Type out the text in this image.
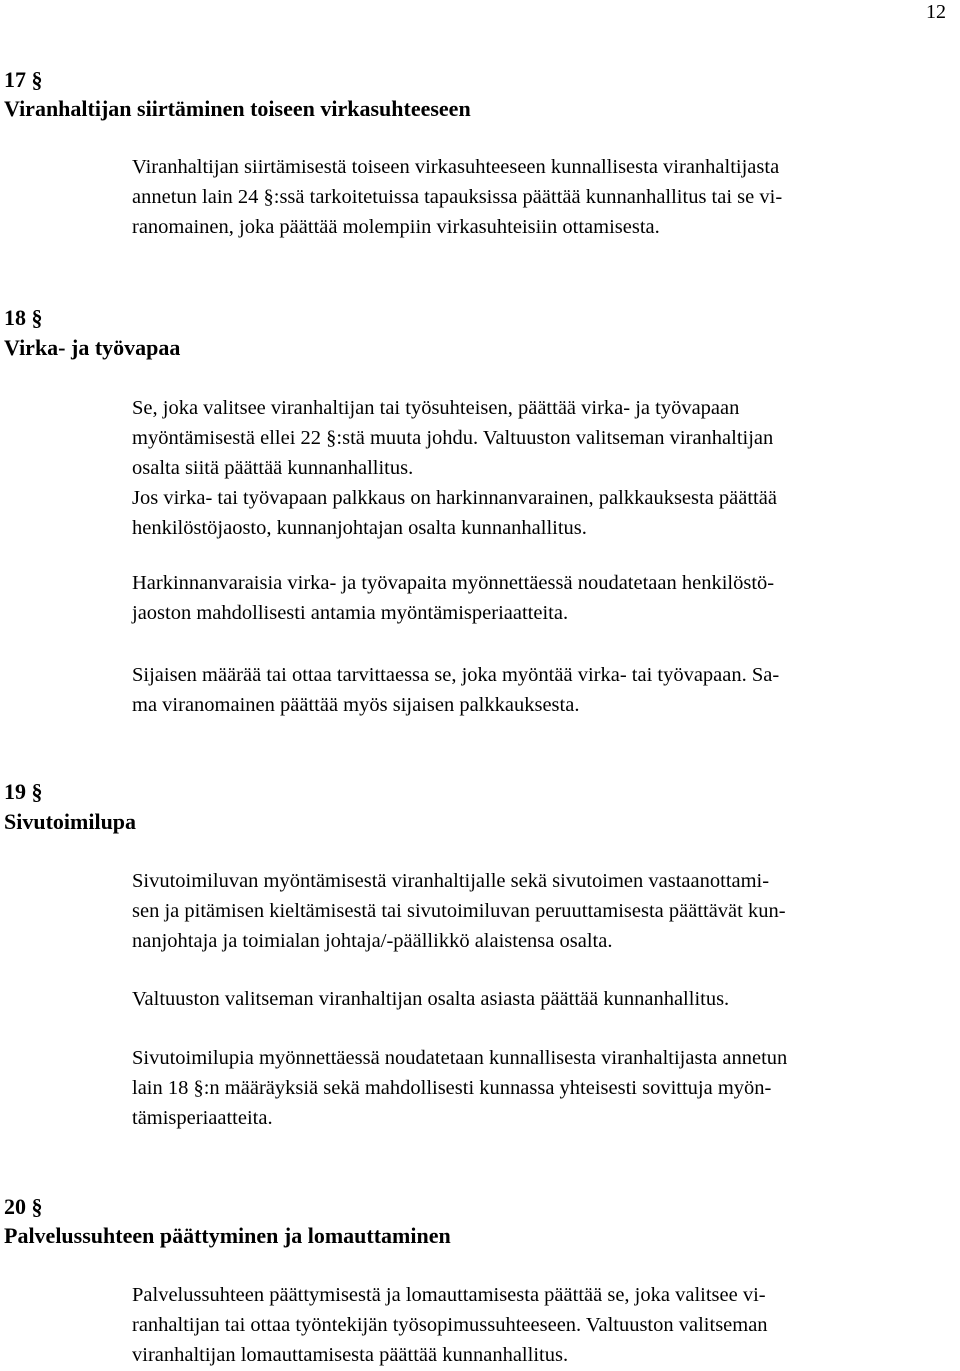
12
17 §
Viranhaltijan siirtäminen toiseen virkasuhteeseen
Viranhaltijan siirtämisestä toiseen virkasuhteeseen kunnallisesta viranhaltijasta
annetun lain 24 §:ssä tarkoitetuissa tapauksissa päättää kunnanhallitus tai se vi-
ranomainen, joka päättää molempiin virkasuhteisiin ottamisesta.
18 §
Virka- ja työvapaa
Se, joka valitsee viranhaltijan tai työsuhteisen, päättää virka- ja työvapaan
myöntämisestä ellei 22 §:stä muuta johdu. Valtuuston valitseman viranhaltijan
osalta siitä päättää kunnanhallitus.
Jos virka- tai työvapaan palkkaus on harkinnanvarainen, palkkauksesta päättää
henkilöstöjaosto, kunnanjohtajan osalta kunnanhallitus.
Harkinnanvaraisia virka- ja työvapaita myönnettäessä noudatetaan henkilöstö-
jaoston mahdollisesti antamia myöntämisperiaatteita.
Sijaisen määrää tai ottaa tarvittaessa se, joka myöntää virka- tai työvapaan. Sa-
ma viranomainen päättää myös sijaisen palkkauksesta.
19 §
Sivutoimilupa
Sivutoimiluvan myöntämisestä viranhaltijalle sekä sivutoimen vastaanottami-
sen ja pitämisen kieltämisestä tai sivutoimiluvan peruuttamisesta päättävät kun-
nanjohtaja ja toimialan johtaja/-päällikkö alaistensa osalta.
Valtuuston valitseman viranhaltijan osalta asiasta päättää kunnanhallitus.
Sivutoimilupia myönnettäessä noudatetaan kunnallisesta viranhaltijasta annetun
lain 18 §:n määräyksiä sekä mahdollisesti kunnassa yhteisesti sovittuja myön-
tämisperiaatteita.
20 §
Palvelussuhteen päättyminen ja lomauttaminen
Palvelussuhteen päättymisestä ja lomauttamisesta päättää se, joka valitsee vi-
ranhaltijan tai ottaa työntekijän työsopimussuhteeseen. Valtuuston valitseman
viranhaltijan lomauttamisesta päättää kunnanhallitus.
